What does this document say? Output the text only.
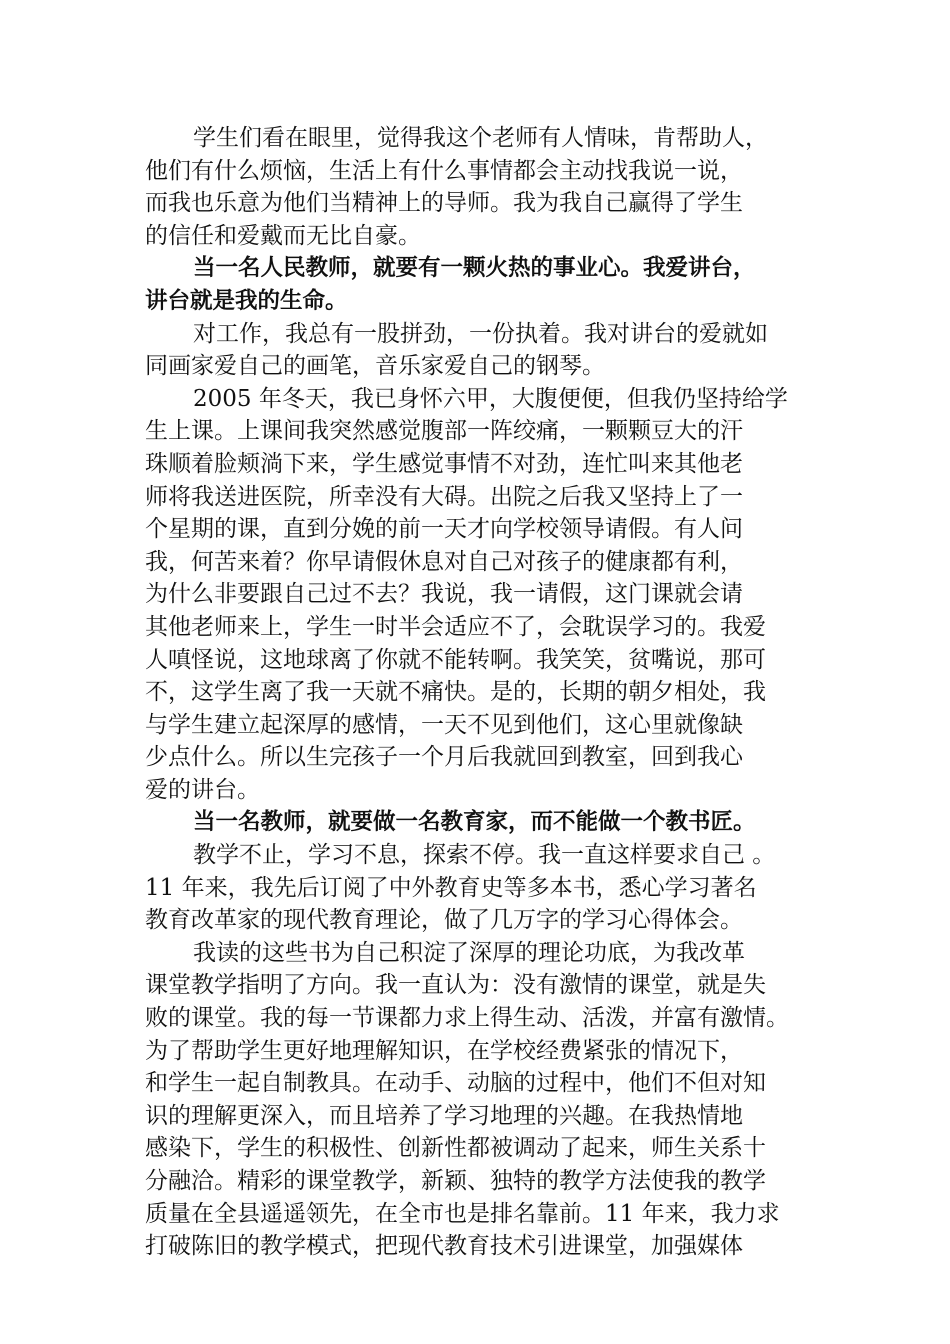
学生们看在眼里，觉得我这个老师有人情味，肯帮助人，
他们有什么烦恼，生活上有什么事情都会主动找我说一说，
而我也乐意为他们当精神上的导师。我为我自己赢得了学生
的信任和爱戴而无比自豪。
当一名人民教师，就要有一颗火热的事业心。我爱讲台，
讲台就是我的生命。
对工作，我总有一股拼劲，一份执着。我对讲台的爱就如
同画家爱自己的画笔，音乐家爱自己的钢琴。
2005 年冬天，我已身怀六甲，大腹便便，但我仍坚持给学
生上课。上课间我突然感觉腹部一阵绞痛，一颗颗豆大的汗
珠顺着脸颊淌下来，学生感觉事情不对劲，连忙叫来其他老
师将我送进医院，所幸没有大碍。出院之后我又坚持上了一
个星期的课，直到分娩的前一天才向学校领导请假。有人问
我，何苦来着？你早请假休息对自己对孩子的健康都有利，
为什么非要跟自己过不去？我说，我一请假，这门课就会请
其他老师来上，学生一时半会适应不了，会耽误学习的。我爱
人嗔怪说，这地球离了你就不能转啊。我笑笑，贫嘴说，那可
不，这学生离了我一天就不痛快。是的，长期的朝夕相处，我
与学生建立起深厚的感情，一天不见到他们，这心里就像缺
少点什么。所以生完孩子一个月后我就回到教室，回到我心
爱的讲台。
当一名教师，就要做一名教育家，而不能做一个教书匠。
教学不止，学习不息，探索不停。我一直这样要求自己 。
11 年来，我先后订阅了中外教育史等多本书，悉心学习著名
教育改革家的现代教育理论，做了几万字的学习心得体会。
我读的这些书为自己积淀了深厚的理论功底，为我改革
课堂教学指明了方向。我一直认为：没有激情的课堂，就是失
败的课堂。我的每一节课都力求上得生动、活泼，并富有激情。
为了帮助学生更好地理解知识，在学校经费紧张的情况下，
和学生一起自制教具。在动手、动脑的过程中，他们不但对知
识的理解更深入，而且培养了学习地理的兴趣。在我热情地
感染下，学生的积极性、创新性都被调动了起来，师生关系十
分融洽。精彩的课堂教学，新颖、独特的教学方法使我的教学
质量在全县遥遥领先，在全市也是排名靠前。11 年来，我力求
打破陈旧的教学模式，把现代教育技术引进课堂，加强媒体
